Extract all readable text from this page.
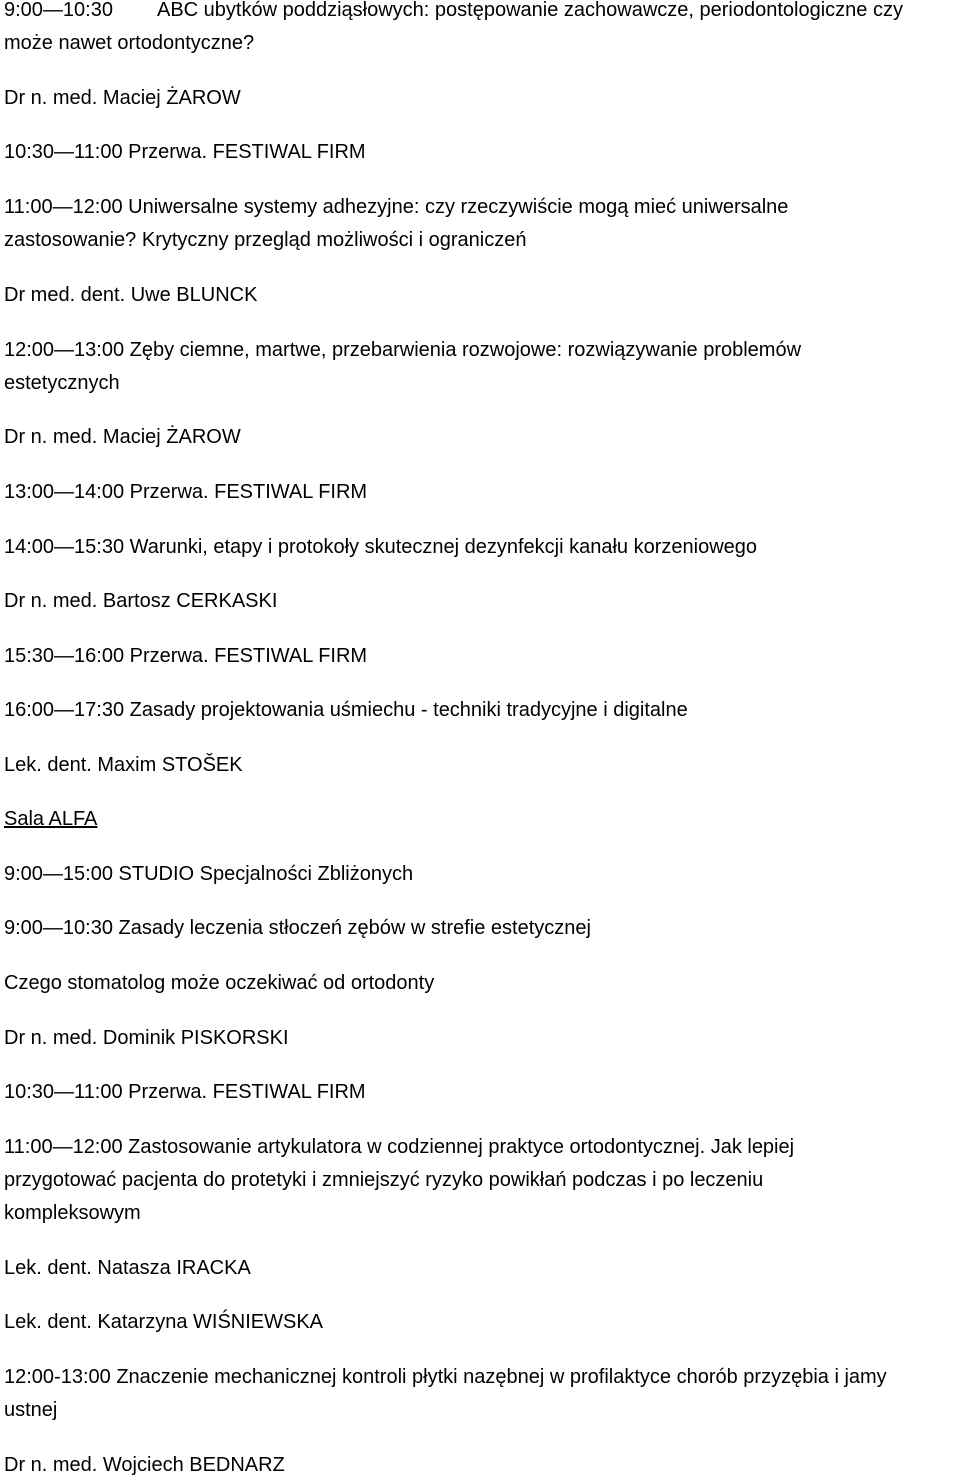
9:00—10:30 ABC ubytków poddziąsłowych: postępowanie zachowawcze, periodontologiczne czy

może nawet ortodontyczne?

Dr n. med. Maciej ŻAROW

10:30—11:00 Przerwa. FESTIWAL FIRM

11:00—12:00 Uniwersalne systemy adhezyjne: czy rzeczywiście mogą mieć uniwersalne

zastosowanie? Krytyczny przegląd możliwości i ograniczeń

Dr med. dent. Uwe BLUNCK

12:00—13:00 Zęby ciemne, martwe, przebarwienia rozwojowe: rozwiązywanie problemów

estetycznych

Dr n. med. Maciej ŻAROW

13:00—14:00 Przerwa. FESTIWAL FIRM

14:00—15:30 Warunki, etapy i protokoły skutecznej dezynfekcji kanału korzeniowego

Dr n. med. Bartosz CERKASKI

15:30—16:00 Przerwa. FESTIWAL FIRM

16:00—17:30 Zasady projektowania uśmiechu - techniki tradycyjne i digitalne

Lek. dent. Maxim STOŠEK

Sala ALFA

9:00—15:00 STUDIO Specjalności Zbliżonych

9:00—10:30 Zasady leczenia stłoczeń zębów w strefie estetycznej

Czego stomatolog może oczekiwać od ortodonty

Dr n. med. Dominik PISKORSKI

10:30—11:00 Przerwa. FESTIWAL FIRM

11:00—12:00 Zastosowanie artykulatora w codziennej praktyce ortodontycznej. Jak lepiej

przygotować pacjenta do protetyki i zmniejszyć ryzyko powikłań podczas i po leczeniu

kompleksowym

Lek. dent. Natasza IRACKA

Lek. dent. Katarzyna WIŚNIEWSKA

12:00-13:00 Znaczenie mechanicznej kontroli płytki nazębnej w profilaktyce chorób przyzębia i jamy

ustnej

Dr n. med. Wojciech BEDNARZ
